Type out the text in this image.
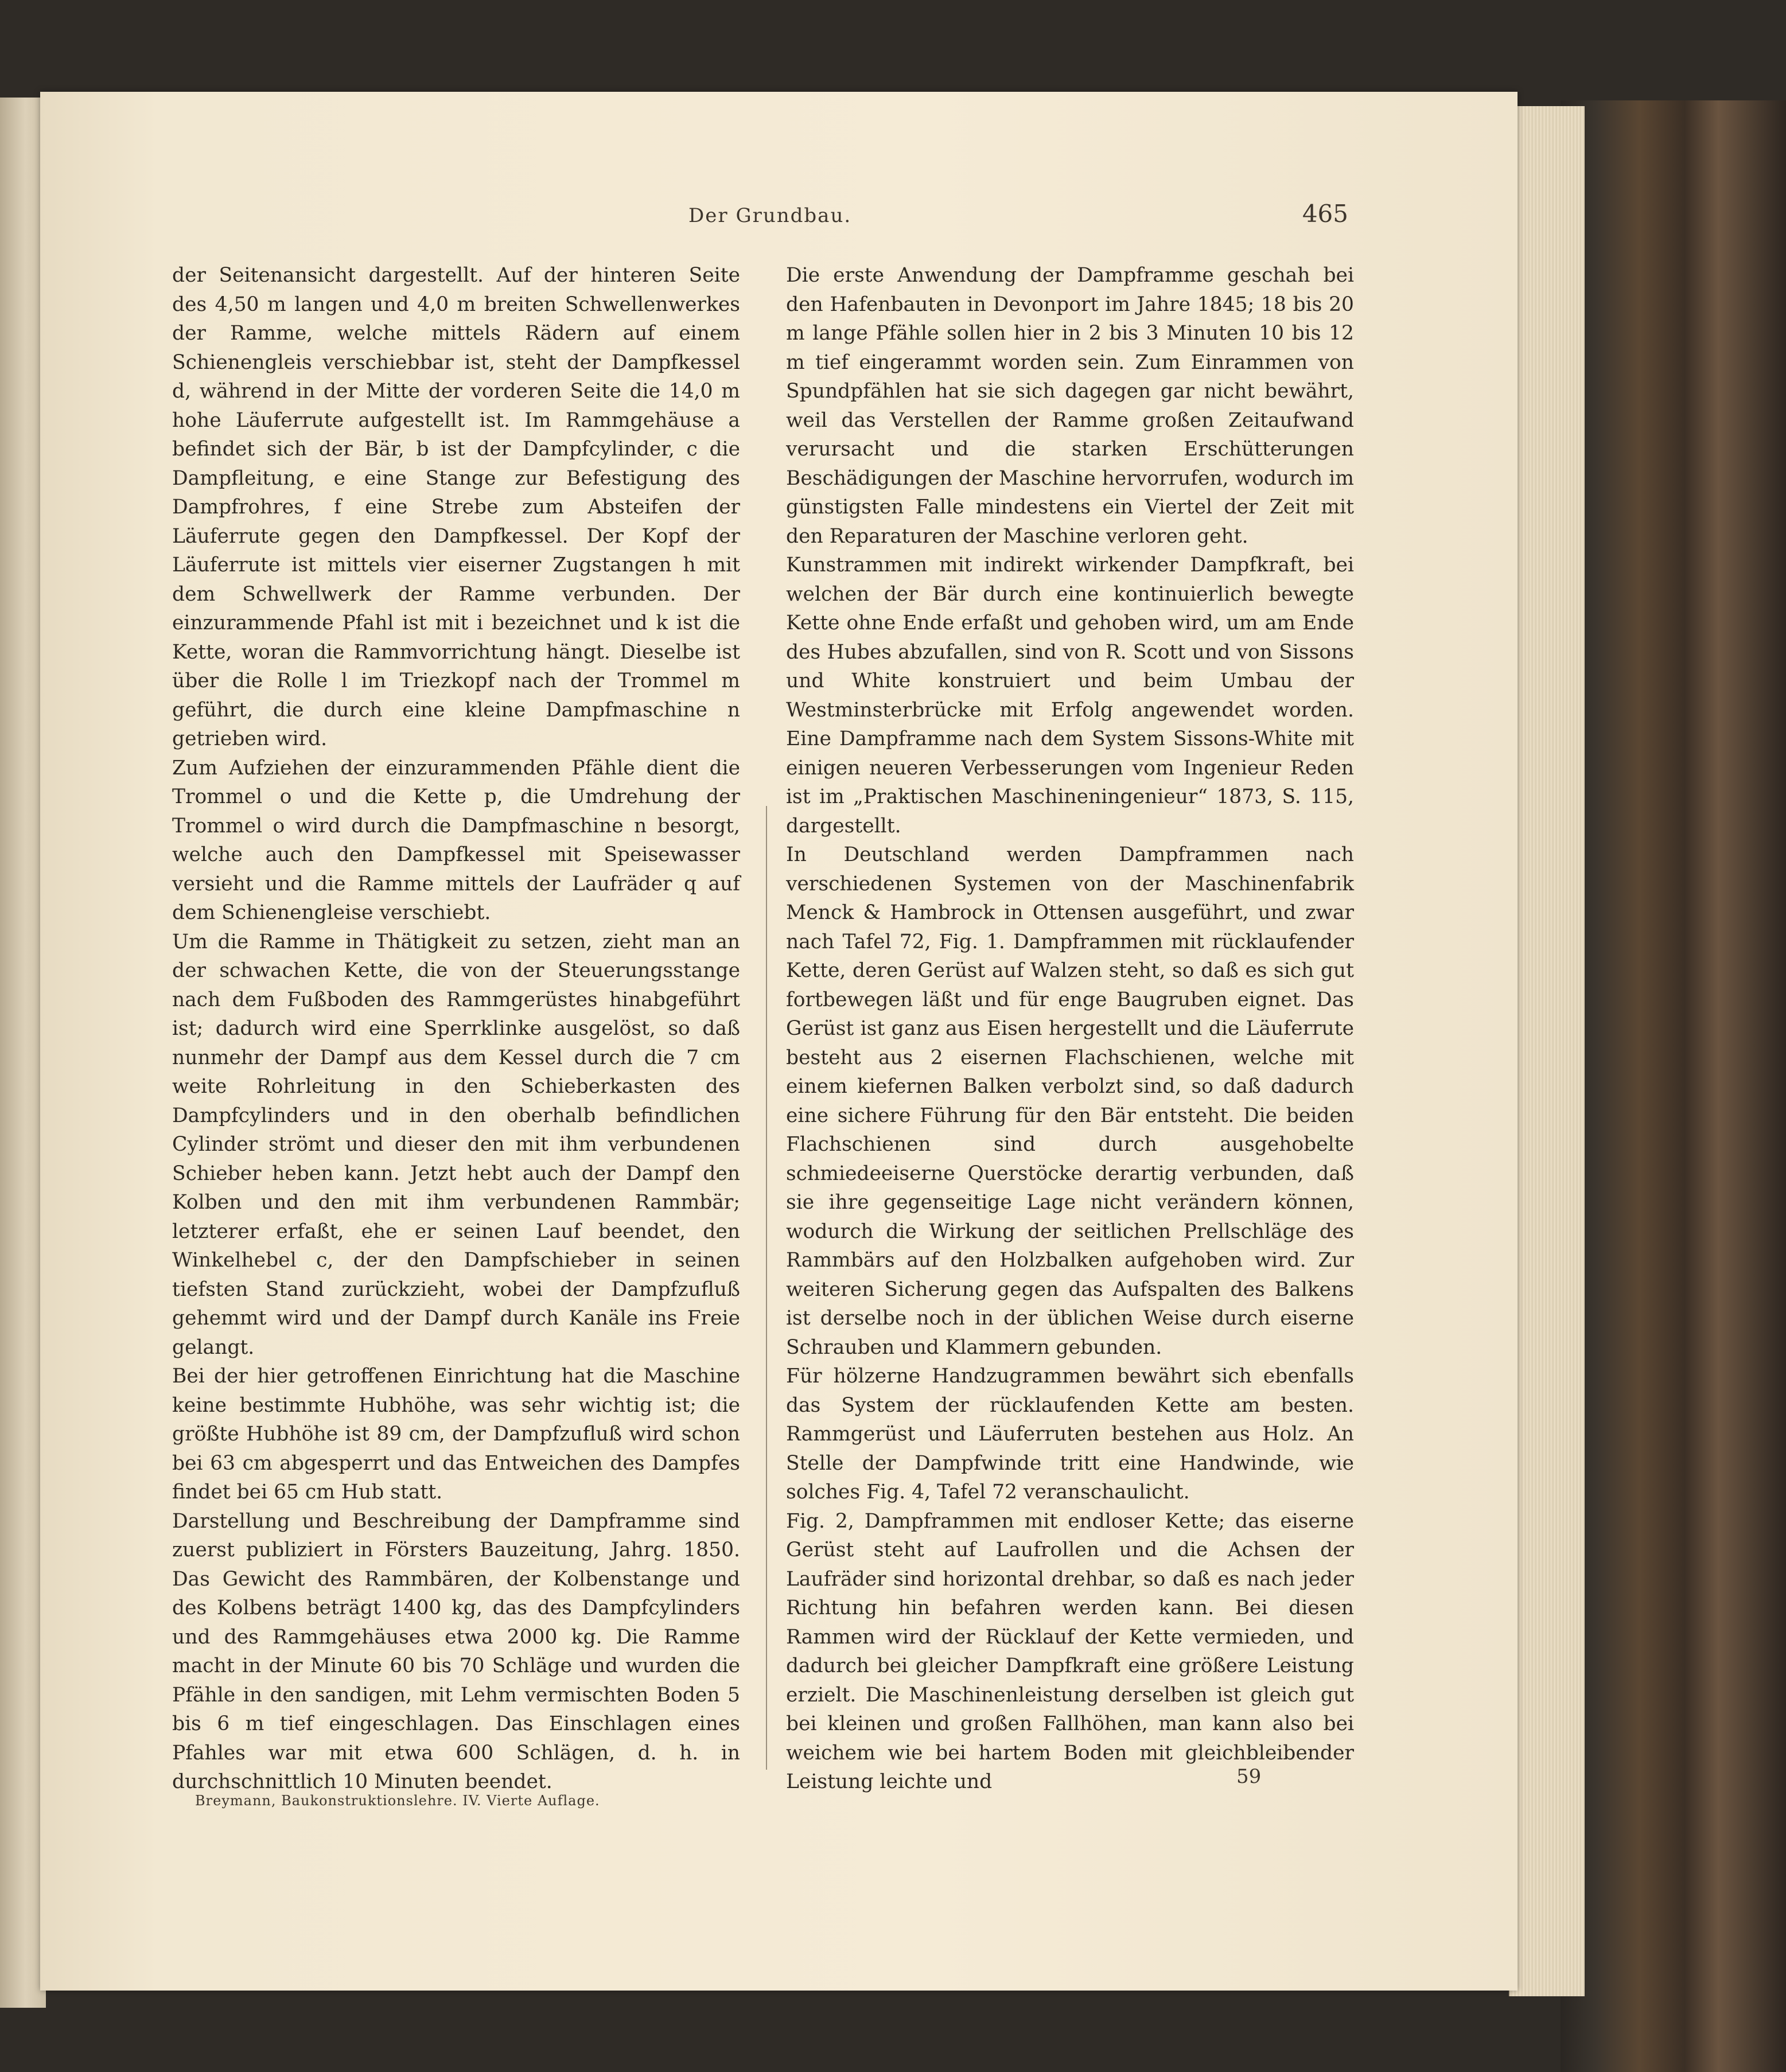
Der Grundbau.	465

der Seitenansicht dargestellt. Auf der hinteren Seite des 4,50 m langen und 4,0 m breiten Schwellenwerkes der Ramme, welche mittels Rädern auf einem Schienengleis verschiebbar ist, steht der Dampfkessel d, während in der Mitte der vorderen Seite die 14,0 m hohe Läuferrute aufgestellt ist. Im Rammgehäuse a befindet sich der Bär, b ist der Dampfcylinder, c die Dampfleitung, e eine Stange zur Befestigung des Dampfrohres, f eine Strebe zum Absteifen der Läuferrute gegen den Dampfkessel. Der Kopf der Läuferrute ist mittels vier eiserner Zugstangen h mit dem Schwellwerk der Ramme verbunden. Der einzurammende Pfahl ist mit i bezeichnet und k ist die Kette, woran die Rammvorrichtung hängt. Dieselbe ist über die Rolle l im Triezkopf nach der Trommel m geführt, die durch eine kleine Dampfmaschine n getrieben wird.

Zum Aufziehen der einzurammenden Pfähle dient die Trommel o und die Kette p, die Umdrehung der Trommel o wird durch die Dampfmaschine n besorgt, welche auch den Dampfkessel mit Speisewasser versieht und die Ramme mittels der Laufräder q auf dem Schienengleise verschiebt.

Um die Ramme in Thätigkeit zu setzen, zieht man an der schwachen Kette, die von der Steuerungsstange nach dem Fußboden des Rammgerüstes hinabgeführt ist; dadurch wird eine Sperrklinke ausgelöst, so daß nunmehr der Dampf aus dem Kessel durch die 7 cm weite Rohrleitung in den Schieberkasten des Dampfcylinders und in den oberhalb befindlichen Cylinder strömt und dieser den mit ihm verbundenen Schieber heben kann. Jetzt hebt auch der Dampf den Kolben und den mit ihm verbundenen Rammbär; letzterer erfaßt, ehe er seinen Lauf beendet, den Winkelhebel c, der den Dampfschieber in seinen tiefsten Stand zurückzieht, wobei der Dampfzufluß gehemmt wird und der Dampf durch Kanäle ins Freie gelangt.

Bei der hier getroffenen Einrichtung hat die Maschine keine bestimmte Hubhöhe, was sehr wichtig ist; die größte Hubhöhe ist 89 cm, der Dampfzufluß wird schon bei 63 cm abgesperrt und das Entweichen des Dampfes findet bei 65 cm Hub statt.

Darstellung und Beschreibung der Dampframme sind zuerst publiziert in Försters Bauzeitung, Jahrg. 1850. Das Gewicht des Rammbären, der Kolbenstange und des Kolbens beträgt 1400 kg, das des Dampfcylinders und des Rammgehäuses etwa 2000 kg. Die Ramme macht in der Minute 60 bis 70 Schläge und wurden die Pfähle in den sandigen, mit Lehm vermischten Boden 5 bis 6 m tief eingeschlagen. Das Einschlagen eines Pfahles war mit etwa 600 Schlägen, d. h. in durchschnittlich 10 Minuten beendet.

Die erste Anwendung der Dampframme geschah bei den Hafenbauten in Devonport im Jahre 1845; 18 bis 20 m lange Pfähle sollen hier in 2 bis 3 Minuten 10 bis 12 m tief eingerammt worden sein. Zum Einrammen von Spundpfählen hat sie sich dagegen gar nicht bewährt, weil das Verstellen der Ramme großen Zeitaufwand verursacht und die starken Erschütterungen Beschädigungen der Maschine hervorrufen, wodurch im günstigsten Falle mindestens ein Viertel der Zeit mit den Reparaturen der Maschine verloren geht.

Kunstrammen mit indirekt wirkender Dampfkraft, bei welchen der Bär durch eine kontinuierlich bewegte Kette ohne Ende erfaßt und gehoben wird, um am Ende des Hubes abzufallen, sind von R. Scott und von Sissons und White konstruiert und beim Umbau der Westminsterbrücke mit Erfolg angewendet worden. Eine Dampframme nach dem System Sissons-White mit einigen neueren Verbesserungen vom Ingenieur Reden ist im „Praktischen Maschineningenieur“ 1873, S. 115, dargestellt.

In Deutschland werden Dampframmen nach verschiedenen Systemen von der Maschinenfabrik Menck & Hambrock in Ottensen ausgeführt, und zwar nach Tafel 72, Fig. 1. Dampframmen mit rücklaufender Kette, deren Gerüst auf Walzen steht, so daß es sich gut fortbewegen läßt und für enge Baugruben eignet. Das Gerüst ist ganz aus Eisen hergestellt und die Läuferrute besteht aus 2 eisernen Flachschienen, welche mit einem kiefernen Balken verbolzt sind, so daß dadurch eine sichere Führung für den Bär entsteht. Die beiden Flachschienen sind durch ausgehobelte schmiedeeiserne Querstöcke derartig verbunden, daß sie ihre gegenseitige Lage nicht verändern können, wodurch die Wirkung der seitlichen Prellschläge des Rammbärs auf den Holzbalken aufgehoben wird. Zur weiteren Sicherung gegen das Aufspalten des Balkens ist derselbe noch in der üblichen Weise durch eiserne Schrauben und Klammern gebunden.

Für hölzerne Handzugrammen bewährt sich ebenfalls das System der rücklaufenden Kette am besten. Rammgerüst und Läuferruten bestehen aus Holz. An Stelle der Dampfwinde tritt eine Handwinde, wie solches Fig. 4, Tafel 72 veranschaulicht.

Fig. 2, Dampframmen mit endloser Kette; das eiserne Gerüst steht auf Laufrollen und die Achsen der Laufräder sind horizontal drehbar, so daß es nach jeder Richtung hin befahren werden kann. Bei diesen Rammen wird der Rücklauf der Kette vermieden, und dadurch bei gleicher Dampfkraft eine größere Leistung erzielt. Die Maschinenleistung derselben ist gleich gut bei kleinen und großen Fallhöhen, man kann also bei weichem wie bei hartem Boden mit gleichbleibender Leistung leichte und

Breymann, Baukonstruktionslehre. IV. Vierte Auflage.
59
